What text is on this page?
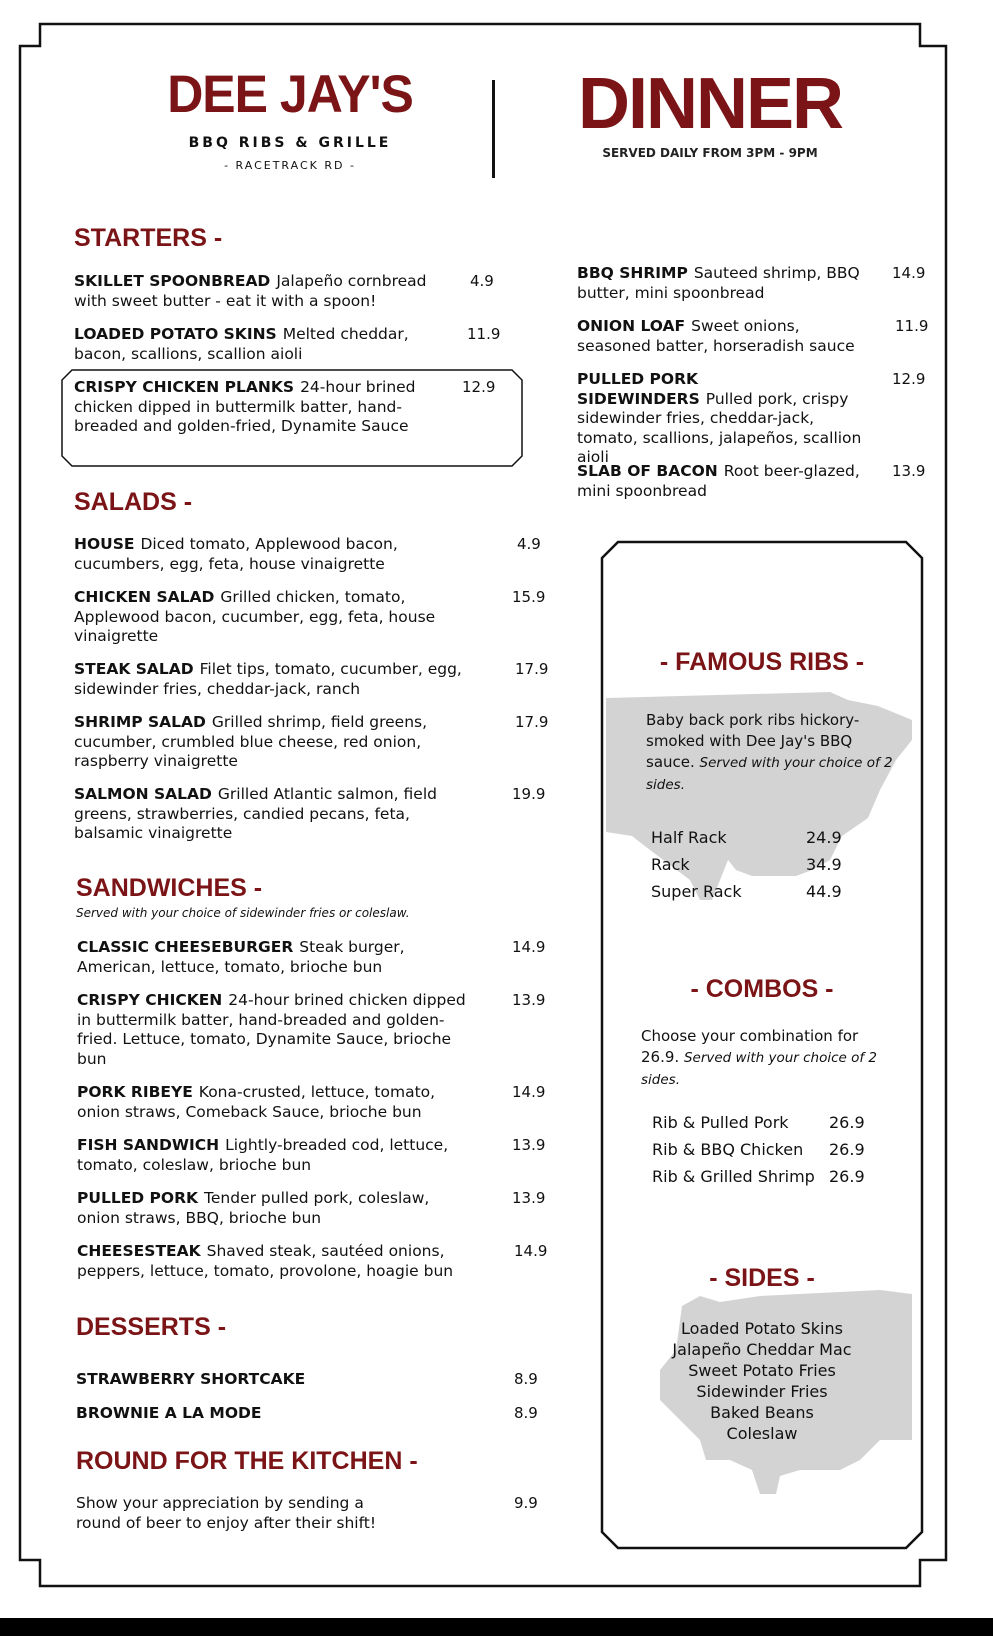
DEE JAY'S
BBQ RIBS & GRILLE
- RACETRACK RD -
DINNER
SERVED DAILY FROM 3PM - 9PM
STARTERS -
SKILLET SPOONBREAD Jalapeño cornbread with sweet butter - eat it with a spoon!
4.9
LOADED POTATO SKINS Melted cheddar, bacon, scallions, scallion aioli
11.9
CRISPY CHICKEN PLANKS 24-hour brined chicken dipped in buttermilk batter, hand-breaded and golden-fried, Dynamite Sauce
12.9
BBQ SHRIMP Sauteed shrimp, BBQ butter, mini spoonbread
14.9
ONION LOAF Sweet onions, seasoned batter, horseradish sauce
11.9
PULLED PORK SIDEWINDERS Pulled pork, crispy sidewinder fries, cheddar-jack, tomato, scallions, jalapeños, scallion aioli
12.9
SLAB OF BACON Root beer-glazed, mini spoonbread
13.9
SALADS -
HOUSE Diced tomato, Applewood bacon, cucumbers, egg, feta, house vinaigrette
4.9
CHICKEN SALAD Grilled chicken, tomato, Applewood bacon, cucumber, egg, feta, house vinaigrette
15.9
STEAK SALAD Filet tips, tomato, cucumber, egg, sidewinder fries, cheddar-jack, ranch
17.9
SHRIMP SALAD Grilled shrimp, field greens, cucumber, crumbled blue cheese, red onion, raspberry vinaigrette
17.9
SALMON SALAD Grilled Atlantic salmon, field greens, strawberries, candied pecans, feta, balsamic vinaigrette
19.9
SANDWICHES -
Served with your choice of sidewinder fries or coleslaw.
CLASSIC CHEESEBURGER Steak burger, American, lettuce, tomato, brioche bun
14.9
CRISPY CHICKEN 24-hour brined chicken dipped in buttermilk batter, hand-breaded and golden-fried. Lettuce, tomato, Dynamite Sauce, brioche bun
13.9
PORK RIBEYE Kona-crusted, lettuce, tomato, onion straws, Comeback Sauce, brioche bun
14.9
FISH SANDWICH Lightly-breaded cod, lettuce, tomato, coleslaw, brioche bun
13.9
PULLED PORK Tender pulled pork, coleslaw, onion straws, BBQ, brioche bun
13.9
CHEESESTEAK Shaved steak, sautéed onions, peppers, lettuce, tomato, provolone, hoagie bun
14.9
DESSERTS -
STRAWBERRY SHORTCAKE	8.9
BROWNIE A LA MODE	8.9
ROUND FOR THE KITCHEN -
Show your appreciation by sending a round of beer to enjoy after their shift!
9.9
- FAMOUS RIBS -
Baby back pork ribs hickory-smoked with Dee Jay's BBQ sauce. Served with your choice of 2 sides.
Half Rack	24.9
Rack	34.9
Super Rack	44.9
- COMBOS -
Choose your combination for 26.9. Served with your choice of 2 sides.
Rib & Pulled Pork	26.9
Rib & BBQ Chicken 26.9
Rib & Grilled Shrimp 26.9
- SIDES -
Loaded Potato Skins
Jalapeño Cheddar Mac
Sweet Potato Fries
Sidewinder Fries
Baked Beans
Coleslaw
